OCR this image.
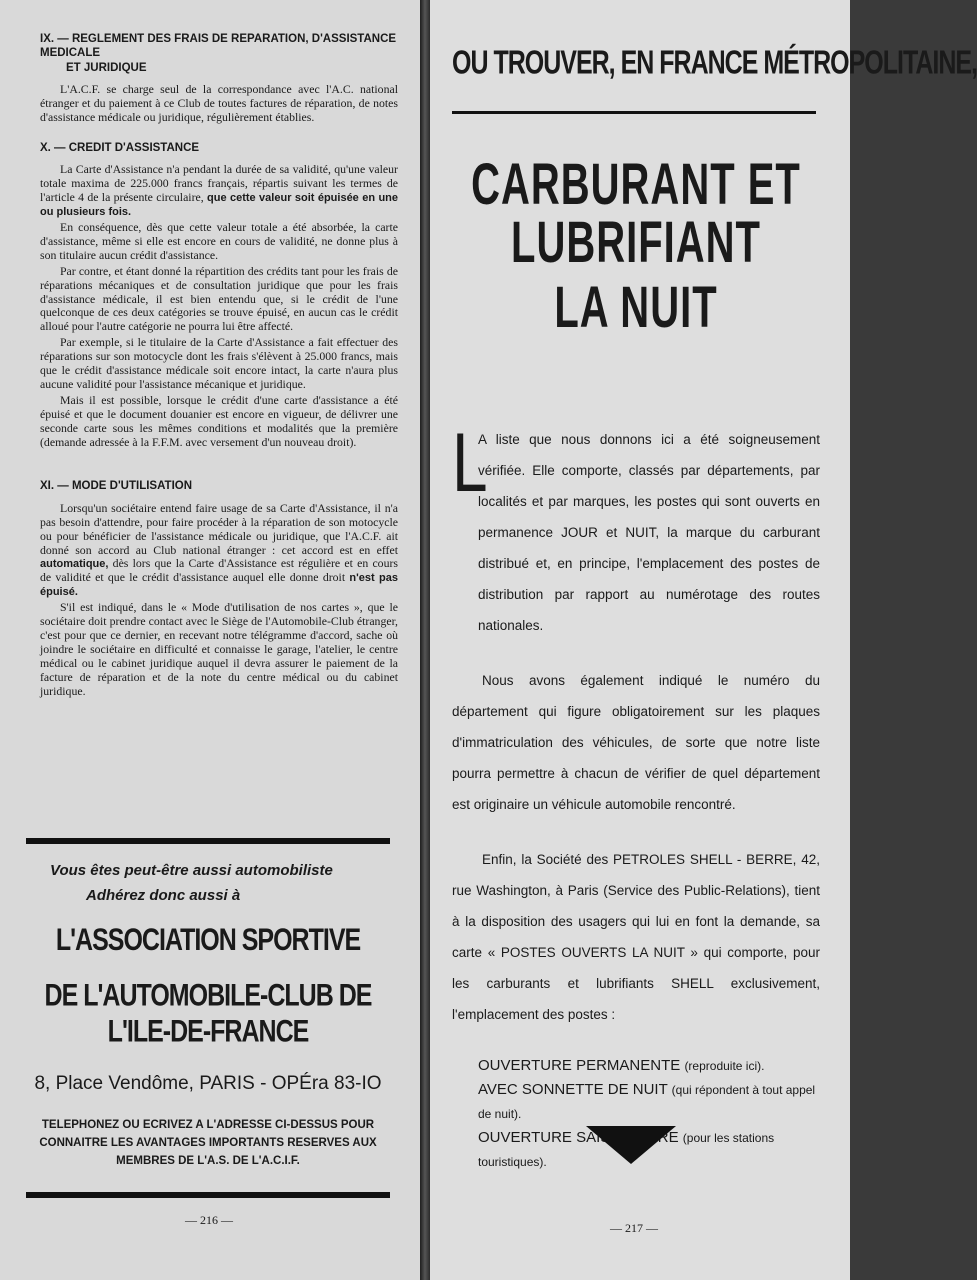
IX. — REGLEMENT DES FRAIS DE REPARATION, D'ASSISTANCE MEDICALE
ET JURIDIQUE

L'A.C.F. se charge seul de la correspondance avec l'A.C. national étranger et du paiement à ce Club de toutes factures de réparation, de notes d'assistance médicale ou juridique, régulièrement établies.

X. — CREDIT D'ASSISTANCE

La Carte d'Assistance n'a pendant la durée de sa validité, qu'une valeur totale maxima de 225.000 francs français, répartis suivant les termes de l'article 4 de la présente circulaire, que cette valeur soit épuisée en une ou plusieurs fois.

En conséquence, dès que cette valeur totale a été absorbée, la carte d'assistance, même si elle est encore en cours de validité, ne donne plus à son titulaire aucun crédit d'assistance.

Par contre, et étant donné la répartition des crédits tant pour les frais de réparations mécaniques et de consultation juridique que pour les frais d'assistance médicale, il est bien entendu que, si le crédit de l'une quelconque de ces deux catégories se trouve épuisé, en aucun cas le crédit alloué pour l'autre catégorie ne pourra lui être affecté.

Par exemple, si le titulaire de la Carte d'Assistance a fait effectuer des réparations sur son motocycle dont les frais s'élèvent à 25.000 francs, mais que le crédit d'assistance médicale soit encore intact, la carte n'aura plus aucune validité pour l'assistance mécanique et juridique.

Mais il est possible, lorsque le crédit d'une carte d'assistance a été épuisé et que le document douanier est encore en vigueur, de délivrer une seconde carte sous les mêmes conditions et modalités que la première (demande adressée à la F.F.M. avec versement d'un nouveau droit).

XI. — MODE D'UTILISATION

Lorsqu'un sociétaire entend faire usage de sa Carte d'Assistance, il n'a pas besoin d'attendre, pour faire procéder à la réparation de son motocycle ou pour bénéficier de l'assistance médicale ou juridique, que l'A.C.F. ait donné son accord au Club national étranger : cet accord est en effet automatique, dès lors que la Carte d'Assistance est régulière et en cours de validité et que le crédit d'assistance auquel elle donne droit n'est pas épuisé.

S'il est indiqué, dans le « Mode d'utilisation de nos cartes », que le sociétaire doit prendre contact avec le Siège de l'Automobile-Club étranger, c'est pour que ce dernier, en recevant notre télégramme d'accord, sache où joindre le sociétaire en difficulté et connaisse le garage, l'atelier, le centre médical ou le cabinet juridique auquel il devra assurer le paiement de la facture de réparation et de la note du centre médical ou du cabinet juridique.

Vous êtes peut-être aussi automobiliste

Adhérez donc aussi à

L'ASSOCIATION SPORTIVE

DE L'AUTOMOBILE-CLUB DE L'ILE-DE-FRANCE

8, Place Vendôme, PARIS - OPÉra 83-IO

TELEPHONEZ OU ECRIVEZ A L'ADRESSE CI-DESSUS POUR CONNAITRE LES AVANTAGES IMPORTANTS RESERVES AUX MEMBRES DE L'A.S. DE L'A.C.I.F.

— 216 —
OU TROUVER, EN FRANCE MÉTROPOLITAINE,
CARBURANT ET LUBRIFIANT
LA NUIT
L

A liste que nous donnons ici a été soigneusement vérifiée. Elle comporte, classés par départements, par localités et par marques, les postes qui sont ouverts en permanence JOUR et NUIT, la marque du carburant distribué et, en principe, l'emplacement des postes de distribution par rapport au numérotage des routes nationales.

Nous avons également indiqué le numéro du département qui figure obligatoirement sur les plaques d'immatriculation des véhicules, de sorte que notre liste pourra permettre à chacun de vérifier de quel département est originaire un véhicule automobile rencontré.

Enfin, la Société des PETROLES SHELL - BERRE, 42, rue Washington, à Paris (Service des Public-Relations), tient à la disposition des usagers qui lui en font la demande, sa carte « POSTES OUVERTS LA NUIT » qui comporte, pour les carburants et lubrifiants SHELL exclusivement, l'emplacement des postes :

OUVERTURE PERMANENTE (reproduite ici).

AVEC SONNETTE DE NUIT (qui répondent à tout appel de nuit).

OUVERTURE SAISONNIERE (pour les stations touristiques).

— 217 —
